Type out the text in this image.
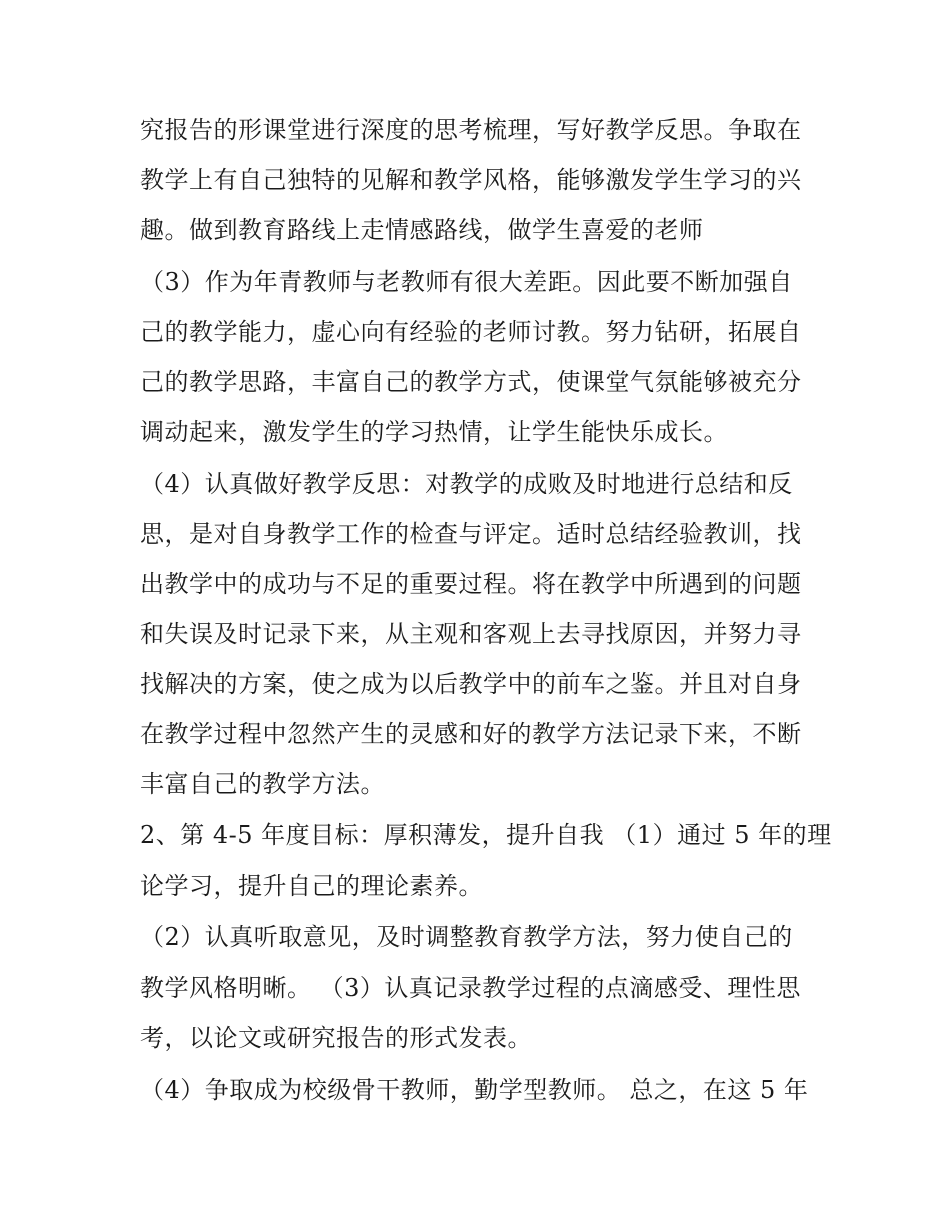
究报告的形课堂进行深度的思考梳理，写好教学反思。争取在
教学上有自己独特的见解和教学风格，能够激发学生学习的兴
趣。做到教育路线上走情感路线，做学生喜爱的老师
（3）作为年青教师与老教师有很大差距。因此要不断加强自
己的教学能力，虚心向有经验的老师讨教。努力钻研，拓展自
己的教学思路，丰富自己的教学方式，使课堂气氛能够被充分
调动起来，激发学生的学习热情，让学生能快乐成长。
（4）认真做好教学反思：对教学的成败及时地进行总结和反
思，是对自身教学工作的检查与评定。适时总结经验教训，找
出教学中的成功与不足的重要过程。将在教学中所遇到的问题
和失误及时记录下来，从主观和客观上去寻找原因，并努力寻
找解决的方案，使之成为以后教学中的前车之鉴。并且对自身
在教学过程中忽然产生的灵感和好的教学方法记录下来，不断
丰富自己的教学方法。
2、第 4-5 年度目标：厚积薄发，提升自我 （1）通过 5 年的理
论学习，提升自己的理论素养。
（2）认真听取意见，及时调整教育教学方法，努力使自己的
教学风格明晰。 （3）认真记录教学过程的点滴感受、理性思
考，以论文或研究报告的形式发表。
（4）争取成为校级骨干教师，勤学型教师。 总之，在这 5 年
